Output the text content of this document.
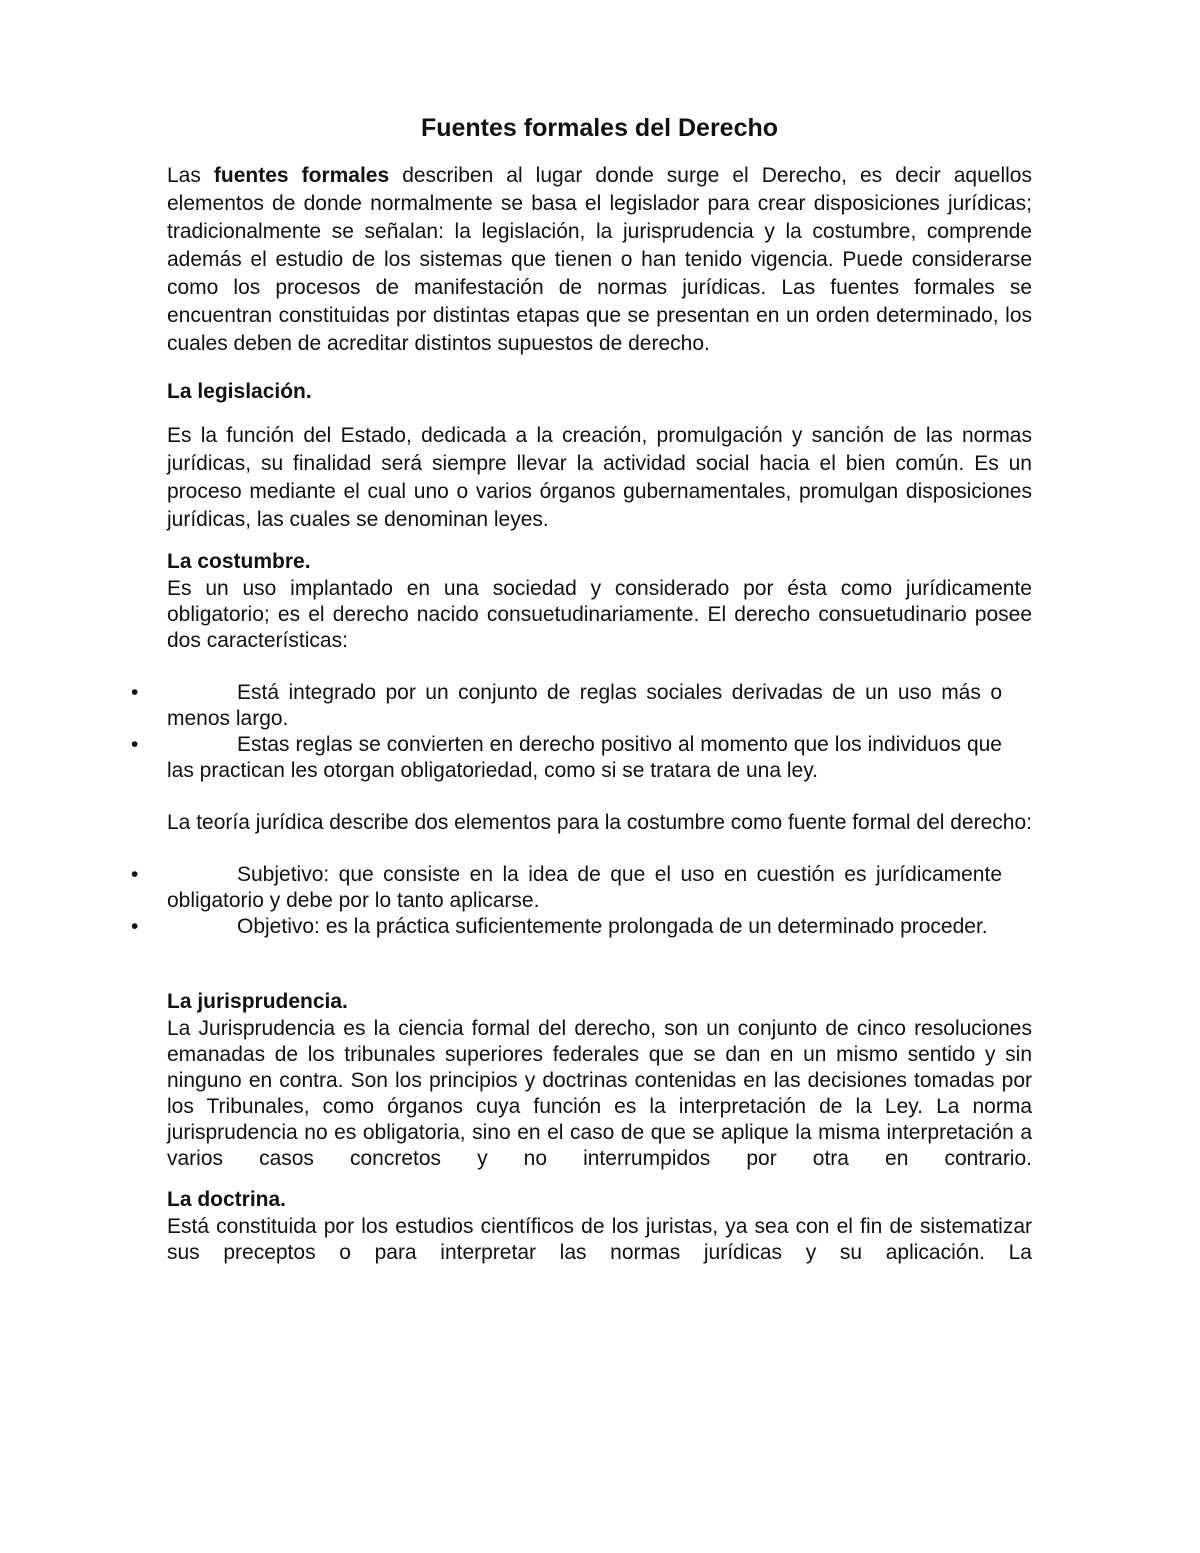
Fuentes formales del Derecho

Las fuentes formales describen al lugar donde surge el Derecho, es decir aquellos elementos de donde normalmente se basa el legislador para crear disposiciones jurídicas; tradicionalmente se señalan: la legislación, la jurisprudencia y la costumbre, comprende además el estudio de los sistemas que tienen o han tenido vigencia. Puede considerarse como los procesos de manifestación de normas jurídicas. Las fuentes formales se encuentran constituidas por distintas etapas que se presentan en un orden determinado, los cuales deben de acreditar distintos supuestos de derecho.

La legislación.

Es la función del Estado, dedicada a la creación, promulgación y sanción de las normas jurídicas, su finalidad será siempre llevar la actividad social hacia el bien común. Es un proceso mediante el cual uno o varios órganos gubernamentales, promulgan disposiciones jurídicas, las cuales se denominan leyes.

La costumbre.

Es un uso implantado en una sociedad y considerado por ésta como jurídicamente obligatorio; es el derecho nacido consuetudinariamente. El derecho consuetudinario posee dos características:

•	Está integrado por un conjunto de reglas sociales derivadas de un uso más o menos largo.
•	Estas reglas se convierten en derecho positivo al momento que los individuos que las practican les otorgan obligatoriedad, como si se tratara de una ley.

La teoría jurídica describe dos elementos para la costumbre como fuente formal del derecho:

•	Subjetivo: que consiste en la idea de que el uso en cuestión es jurídicamente obligatorio y debe por lo tanto aplicarse.
•	Objetivo: es la práctica suficientemente prolongada de un determinado proceder.
La jurisprudencia.

La Jurisprudencia es la ciencia formal del derecho, son un conjunto de cinco resoluciones emanadas de los tribunales superiores federales que se dan en un mismo sentido y sin ninguno en contra. Son los principios y doctrinas contenidas en las decisiones tomadas por los Tribunales, como órganos cuya función es la interpretación de la Ley. La norma jurisprudencia no es obligatoria, sino en el caso de que se aplique la misma interpretación a varios casos concretos y no interrumpidos por otra en contrario.

La doctrina.

Está constituida por los estudios científicos de los juristas, ya sea con el fin de sistematizar sus preceptos o para interpretar las normas jurídicas y su aplicación. La
